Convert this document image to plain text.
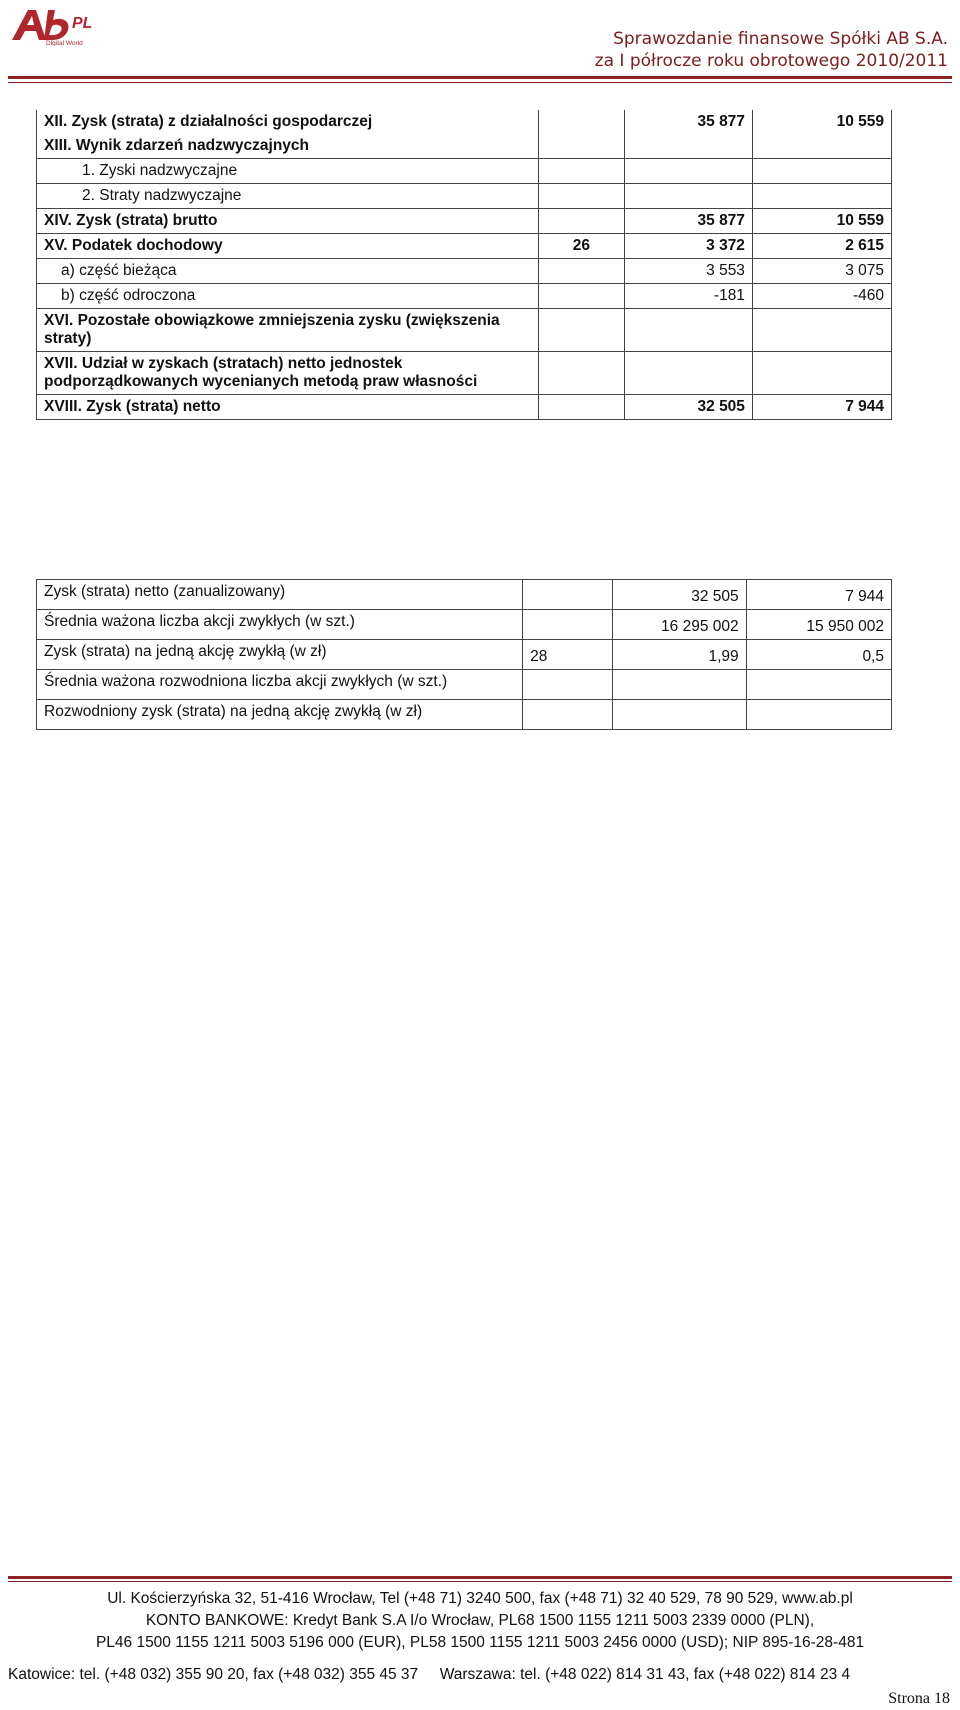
PL
Digital World	Sprawozdanie finansowe Spółki AB S.A.
za I półrocze roku obrotowego 2010/2011
XII. Zysk (strata) z działalności gospodarczej		35 877	10 559
XIII. Wynik zdarzeń nadzwyczajnych			
1. Zyski nadzwyczajne			
2. Straty nadzwyczajne			
XIV. Zysk (strata) brutto		35 877	10 559
XV. Podatek dochodowy	26	3 372	2 615
a) część bieżąca		3 553	3 075
b) część odroczona		-181	-460
XVI. Pozostałe obowiązkowe zmniejszenia zysku (zwiększenia straty)			
XVII. Udział w zyskach (stratach) netto jednostek podporządkowanych wycenianych metodą praw własności			
XVIII. Zysk (strata) netto		32 505	7 944
Zysk (strata) netto (zanualizowany)		32 505	7 944
Średnia ważona liczba akcji zwykłych (w szt.)		16 295 002	15 950 002
Zysk (strata) na jedną akcję zwykłą (w zł)	28	1,99	0,5
Średnia ważona rozwodniona liczba akcji zwykłych (w szt.)			
Rozwodniony zysk (strata) na jedną akcję zwykłą (w zł)			
Ul. Kościerzyńska 32, 51-416 Wrocław, Tel (+48 71) 3240 500, fax (+48 71) 32 40 529, 78 90 529, www.ab.pl
KONTO BANKOWE: Kredyt Bank S.A I/o Wrocław, PL68 1500 1155 1211 5003 2339 0000 (PLN),
PL46 1500 1155 1211 5003 5196 000 (EUR), PL58 1500 1155 1211 5003 2456 0000 (USD); NIP 895-16-28-481
Katowice: tel. (+48 032) 355 90 20, fax (+48 032) 355 45 37     Warszawa: tel. (+48 022) 814 31 43, fax (+48 022) 814 23 4
Strona 18
